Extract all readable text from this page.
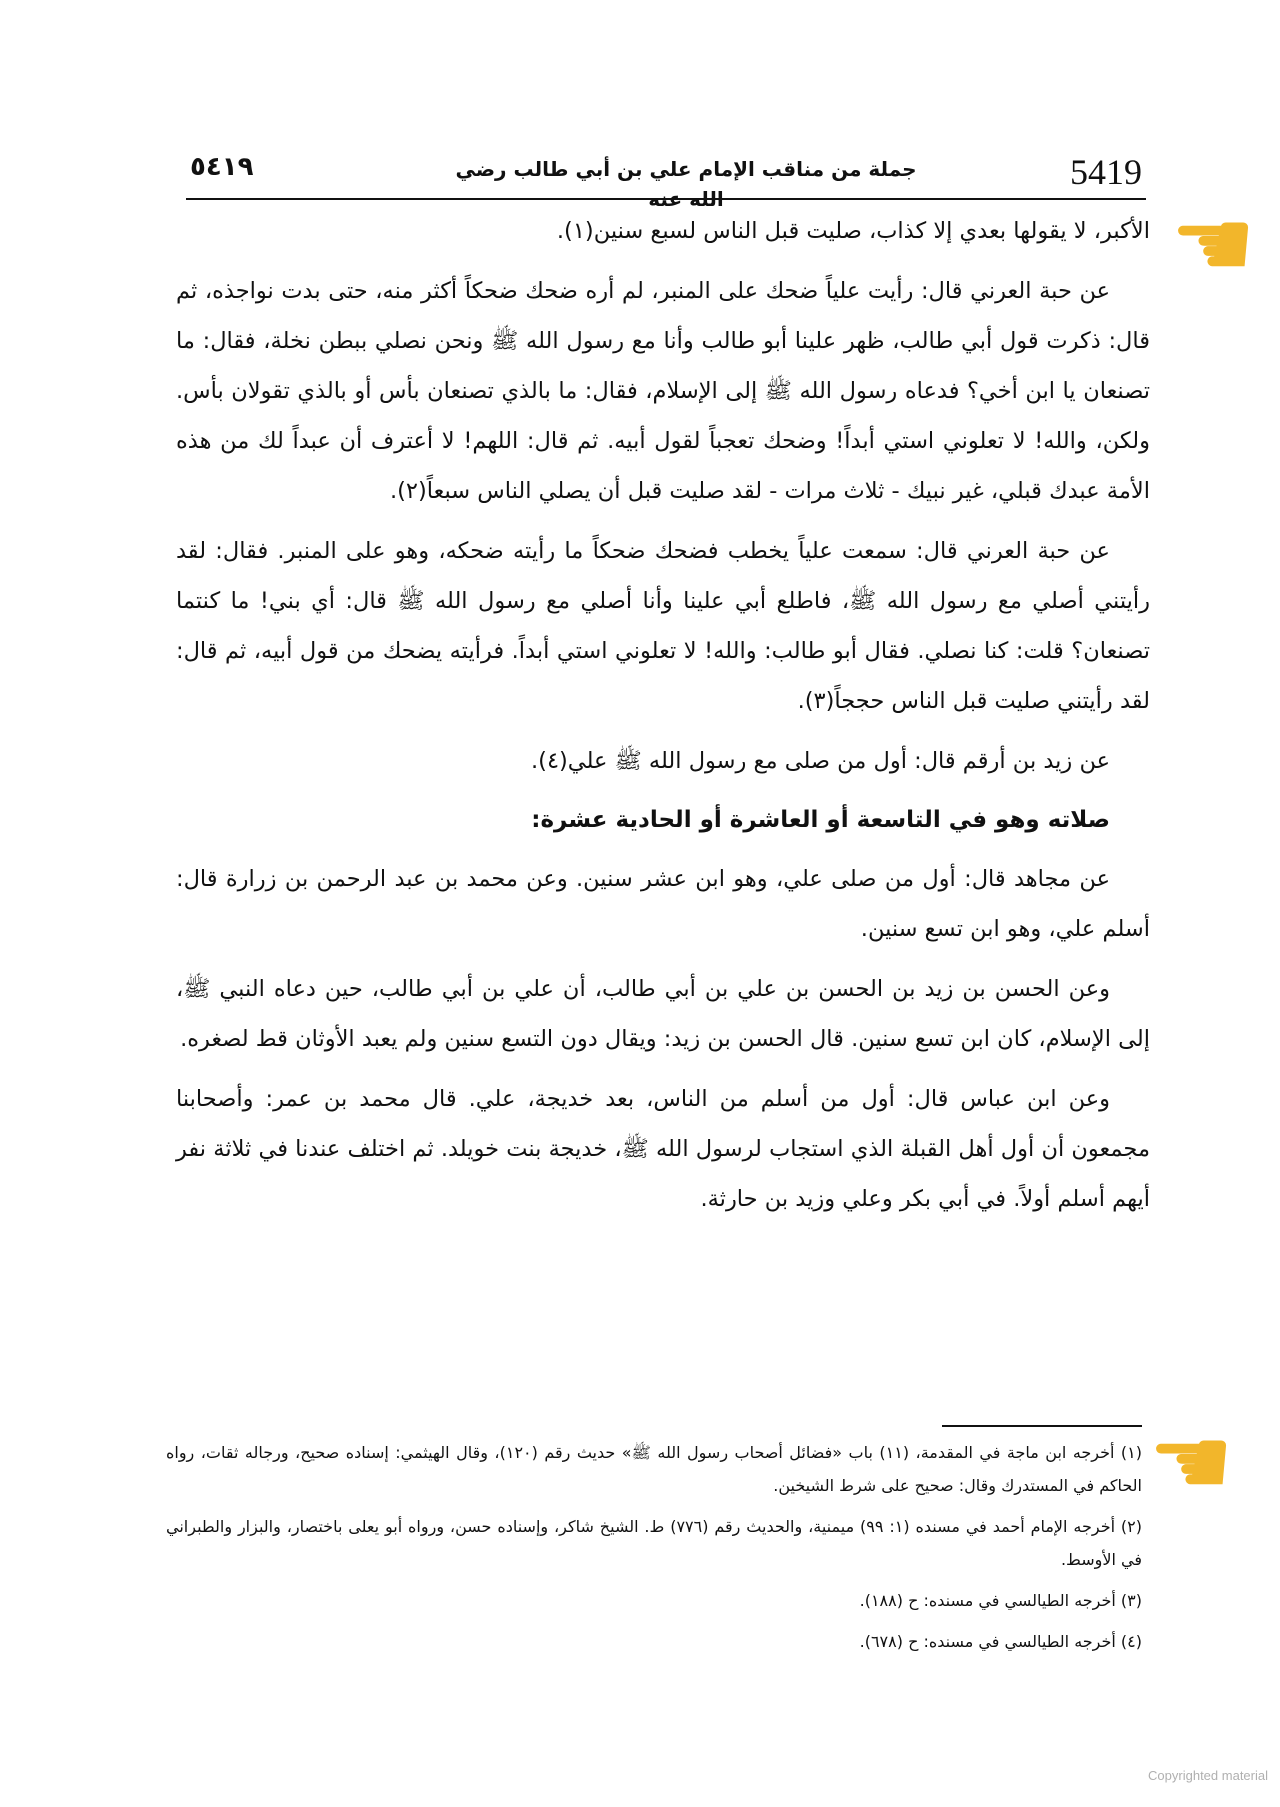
5419
جملة من مناقب الإمام علي بن أبي طالب رضي الله عنه
٥٤١٩

الأكبر، لا يقولها بعدي إلا كذاب، صليت قبل الناس لسبع سنين(١).

عن حبة العرني قال: رأيت علياً ضحك على المنبر، لم أره ضحك ضحكاً أكثر منه، حتى بدت نواجذه، ثم قال: ذكرت قول أبي طالب، ظهر علينا أبو طالب وأنا مع رسول الله ﷺ ونحن نصلي ببطن نخلة، فقال: ما تصنعان يا ابن أخي؟ فدعاه رسول الله ﷺ إلى الإسلام، فقال: ما بالذي تصنعان بأس أو بالذي تقولان بأس. ولكن، والله! لا تعلوني استي أبداً! وضحك تعجباً لقول أبيه. ثم قال: اللهم! لا أعترف أن عبداً لك من هذه الأمة عبدك قبلي، غير نبيك - ثلاث مرات - لقد صليت قبل أن يصلي الناس سبعاً(٢).

عن حبة العرني قال: سمعت علياً يخطب فضحك ضحكاً ما رأيته ضحكه، وهو على المنبر. فقال: لقد رأيتني أصلي مع رسول الله ﷺ، فاطلع أبي علينا وأنا أصلي مع رسول الله ﷺ قال: أي بني! ما كنتما تصنعان؟ قلت: كنا نصلي. فقال أبو طالب: والله! لا تعلوني استي أبداً. فرأيته يضحك من قول أبيه، ثم قال: لقد رأيتني صليت قبل الناس حججاً(٣).

عن زيد بن أرقم قال: أول من صلى مع رسول الله ﷺ علي(٤).

صلاته وهو في التاسعة أو العاشرة أو الحادية عشرة:

عن مجاهد قال: أول من صلى علي، وهو ابن عشر سنين. وعن محمد بن عبد الرحمن بن زرارة قال: أسلم علي، وهو ابن تسع سنين.

وعن الحسن بن زيد بن الحسن بن علي بن أبي طالب، أن علي بن أبي طالب، حين دعاه النبي ﷺ، إلى الإسلام، كان ابن تسع سنين. قال الحسن بن زيد: ويقال دون التسع سنين ولم يعبد الأوثان قط لصغره.

وعن ابن عباس قال: أول من أسلم من الناس، بعد خديجة، علي. قال محمد بن عمر: وأصحابنا مجمعون أن أول أهل القبلة الذي استجاب لرسول الله ﷺ، خديجة بنت خويلد. ثم اختلف عندنا في ثلاثة نفر أيهم أسلم أولاً. في أبي بكر وعلي وزيد بن حارثة.

(١) أخرجه ابن ماجة في المقدمة، (١١) باب «فضائل أصحاب رسول الله ﷺ» حديث رقم (١٢٠)، وقال الهيثمي: إسناده صحيح، ورجاله ثقات، رواه الحاكم في المستدرك وقال: صحيح على شرط الشيخين.

(٢) أخرجه الإمام أحمد في مسنده (١: ٩٩) ميمنية، والحديث رقم (٧٧٦) ط. الشيخ شاكر، وإسناده حسن، ورواه أبو يعلى باختصار، والبزار والطبراني في الأوسط.

(٣) أخرجه الطيالسي في مسنده: ح (١٨٨).

(٤) أخرجه الطيالسي في مسنده: ح (٦٧٨).

☛
☛
Copyrighted material
